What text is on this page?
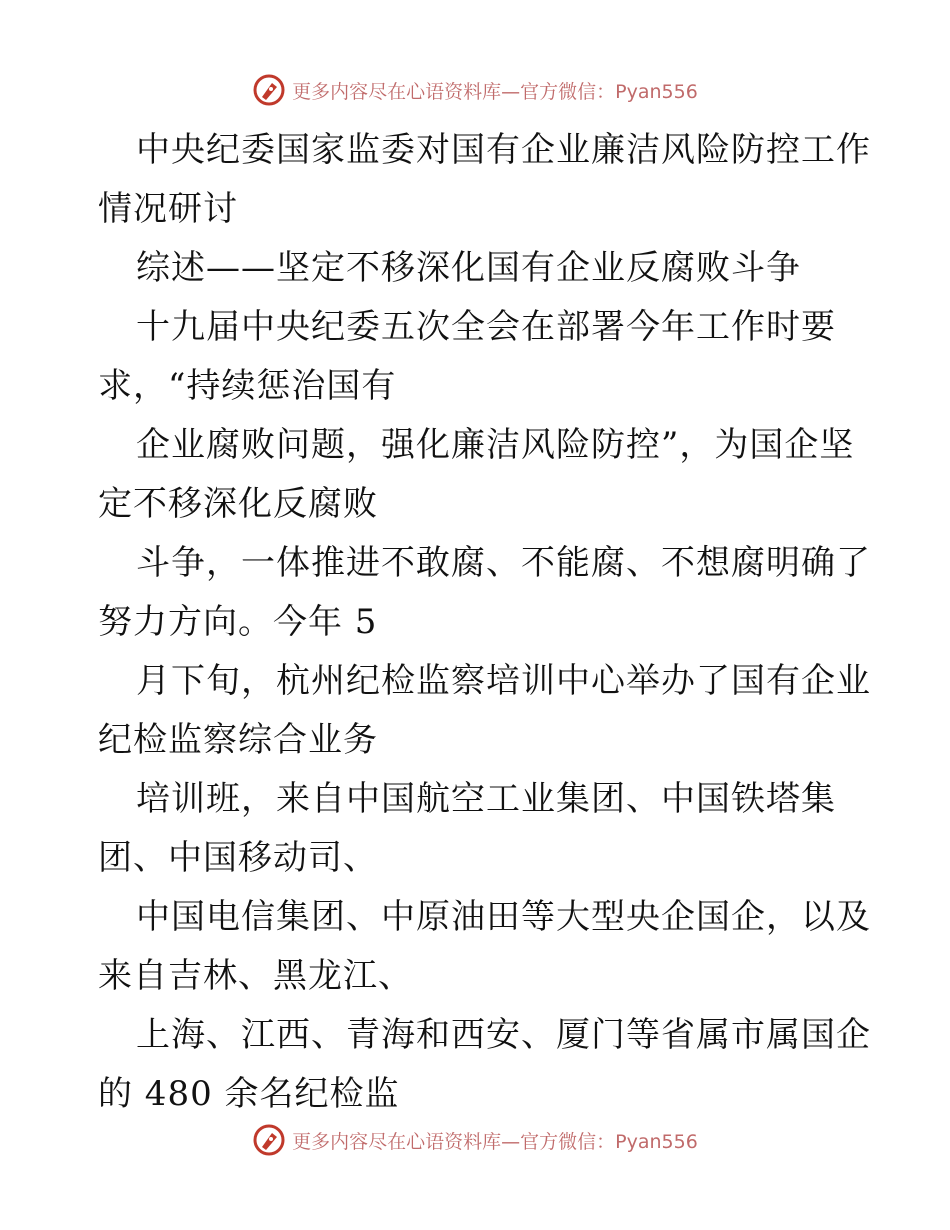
更多内容尽在心语资料库—官方微信：Pyan556

中央纪委国家监委对国有企业廉洁风险防控工作
情况研讨

综述——坚定不移深化国有企业反腐败斗争

十九届中央纪委五次全会在部署今年工作时要
求，“持续惩治国有

企业腐败问题，强化廉洁风险防控”，为国企坚
定不移深化反腐败

斗争，一体推进不敢腐、不能腐、不想腐明确了
努力方向。今年 5

月下旬，杭州纪检监察培训中心举办了国有企业
纪检监察综合业务

培训班，来自中国航空工业集团、中国铁塔集
团、中国移动司、

中国电信集团、中原油田等大型央企国企，以及
来自吉林、黑龙江、

上海、江西、青海和西安、厦门等省属市属国企
的 480 余名纪检监

更多内容尽在心语资料库—官方微信：Pyan556
